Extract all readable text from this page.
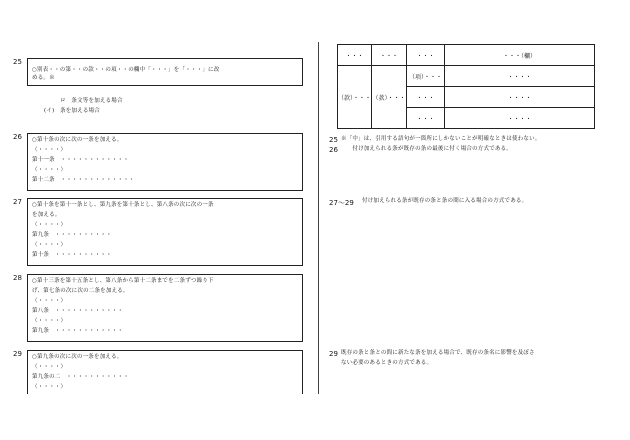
25
○別表・・の第・・の款・・の項・・の欄中「・・・」を「・・・」に改
める。※
ロ　条文等を加える場合
(イ)　条を加える場合
26 ○第十条の次に次の一条を加える。
（・・・・）
第十一条　・・・・・・・・・・・・
（・・・・）
第十二条　・・・・・・・・・・・・・
27 ○第十条を第十一条とし、第九条を第十条とし、第八条の次に次の一条
を加える。
（・・・・）
第九条　・・・・・・・・・・
（・・・・）
第十条　・・・・・・・・・・
28 ○第十三条を第十五条とし、第八条から第十二条までを二条ずつ繰り下
げ、第七条の次に次の二条を加える。
（・・・・）
第八条　・・・・・・・・・・・・
（・・・・）
第九条　・・・・・・・・・・・・
29 ○第九条の次に次の一条を加える。
（・・・・）
第九条の二　・・・・・・・・・・・
（・・・・）
・・・	・・・	・・・	・・・（欄）
（款）・・・	（款）・・・	（項）・・・	・・・・
		・・・	・・・・
		・・・	・・・・
25 ※「中」は、引用する語句が一箇所にしかないことが明確なときは使わない。
26 　　付け加えられる条が既存の条の最後に付く場合の方式である。
27〜29 付け加えられる条が既存の条と条の間に入る場合の方式である。
29 既存の条と条との間に新たな条を加える場合で、既存の条名に影響を及ぼさ
ない必要のあるときの方式である。
